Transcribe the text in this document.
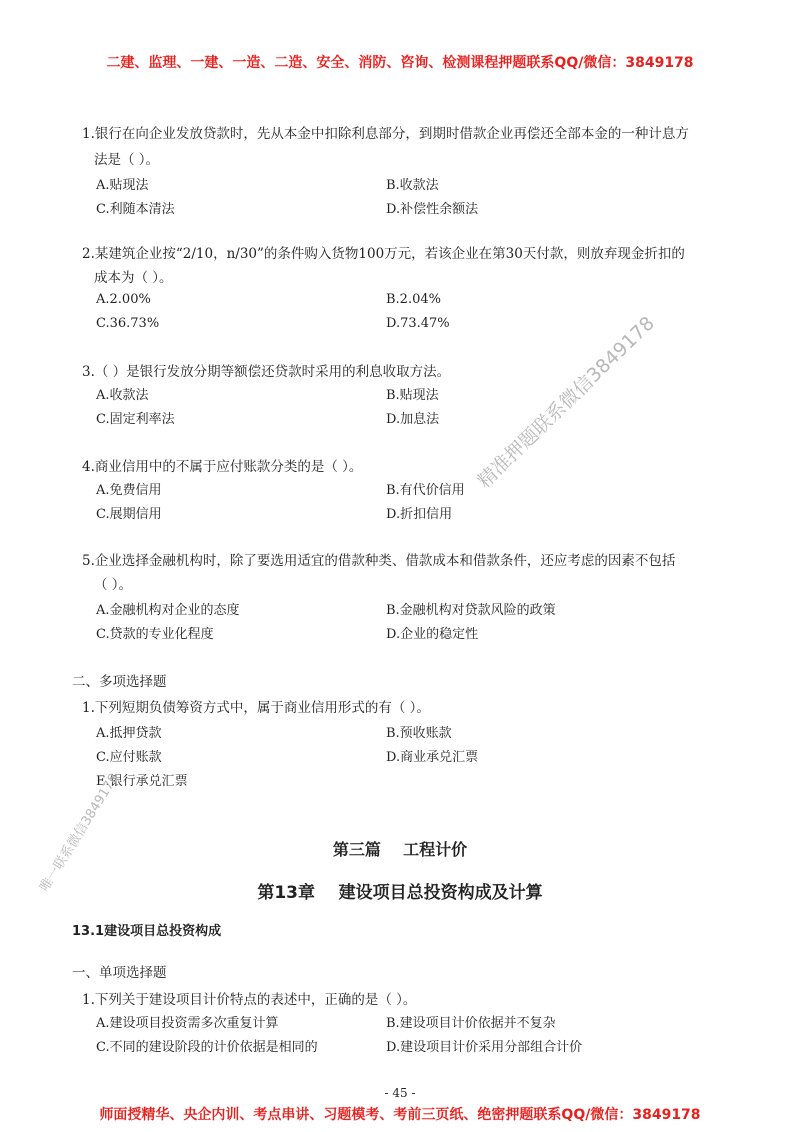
二建、监理、一建、一造、二造、安全、消防、咨询、检测课程押题联系QQ/微信：3849178
1.银行在向企业发放贷款时，先从本金中扣除利息部分，到期时借款企业再偿还全部本金的一种计息方
法是（ ）。
A.贴现法	B.收款法
C.利随本清法	D.补偿性余额法
2.某建筑企业按“2/10，n/30”的条件购入货物100万元，若该企业在第30天付款，则放弃现金折扣的
成本为（ ）。
A.2.00%	B.2.04%
C.36.73%	D.73.47%
3.（ ）是银行发放分期等额偿还贷款时采用的利息收取方法。
A.收款法	B.贴现法
C.固定利率法	D.加息法
4.商业信用中的不属于应付账款分类的是（ ）。
A.免费信用	B.有代价信用
C.展期信用	D.折扣信用
5.企业选择金融机构时，除了要选用适宜的借款种类、借款成本和借款条件，还应考虑的因素不包括
（ ）。
A.金融机构对企业的态度	B.金融机构对贷款风险的政策
C.贷款的专业化程度	D.企业的稳定性
二、多项选择题
1.下列短期负债筹资方式中，属于商业信用形式的有（ ）。
A.抵押贷款	B.预收账款
C.应付账款	D.商业承兑汇票
E.银行承兑汇票
第三篇    工程计价
第13章    建设项目总投资构成及计算
13.1建设项目总投资构成
一、单项选择题
1.下列关于建设项目计价特点的表述中，正确的是（ ）。
A.建设项目投资需多次重复计算	B.建设项目计价依据并不复杂
C.不同的建设阶段的计价依据是相同的	D.建设项目计价采用分部组合计价
精准押题联系微信3849178
唯一联系微信3849178
- 45 -
师面授精华、央企内训、考点串讲、习题模考、考前三页纸、绝密押题联系QQ/微信：3849178
